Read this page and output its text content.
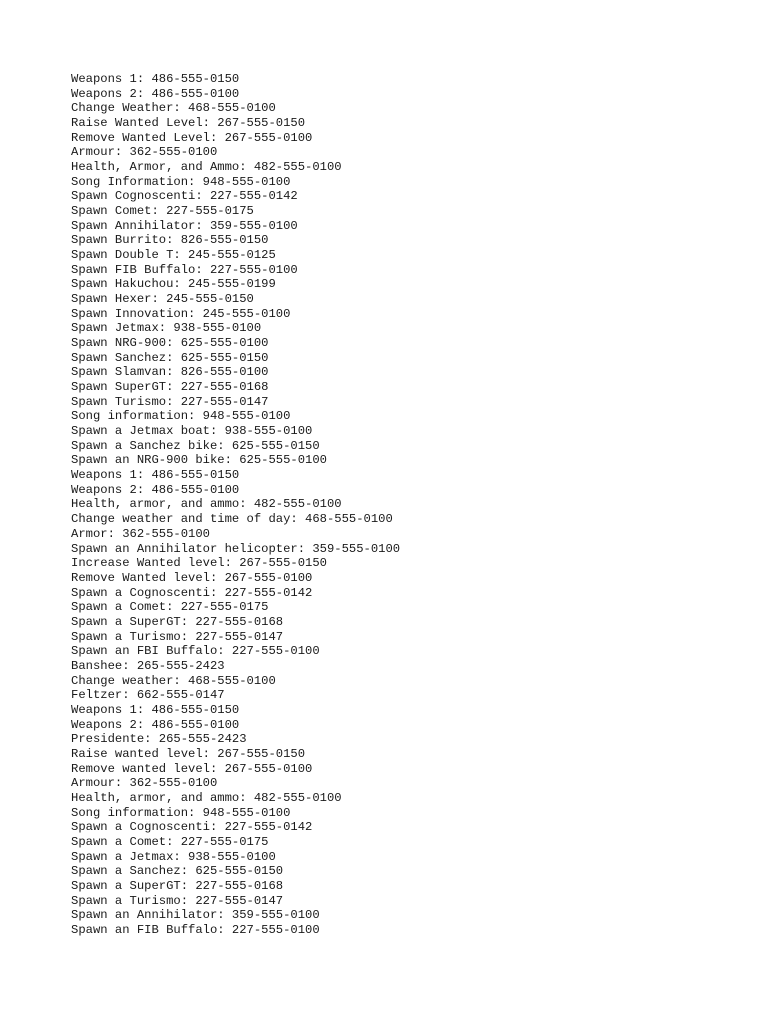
Weapons 1: 486-555-0150
Weapons 2: 486-555-0100
Change Weather: 468-555-0100
Raise Wanted Level: 267-555-0150
Remove Wanted Level: 267-555-0100
Armour: 362-555-0100
Health, Armor, and Ammo: 482-555-0100
Song Information: 948-555-0100
Spawn Cognoscenti: 227-555-0142
Spawn Comet: 227-555-0175
Spawn Annihilator: 359-555-0100
Spawn Burrito: 826-555-0150
Spawn Double T: 245-555-0125
Spawn FIB Buffalo: 227-555-0100
Spawn Hakuchou: 245-555-0199
Spawn Hexer: 245-555-0150
Spawn Innovation: 245-555-0100
Spawn Jetmax: 938-555-0100
Spawn NRG-900: 625-555-0100
Spawn Sanchez: 625-555-0150
Spawn Slamvan: 826-555-0100
Spawn SuperGT: 227-555-0168
Spawn Turismo: 227-555-0147
Song information: 948-555-0100
Spawn a Jetmax boat: 938-555-0100
Spawn a Sanchez bike: 625-555-0150
Spawn an NRG-900 bike: 625-555-0100
Weapons 1: 486-555-0150
Weapons 2: 486-555-0100
Health, armor, and ammo: 482-555-0100
Change weather and time of day: 468-555-0100
Armor: 362-555-0100
Spawn an Annihilator helicopter: 359-555-0100
Increase Wanted level: 267-555-0150
Remove Wanted level: 267-555-0100
Spawn a Cognoscenti: 227-555-0142
Spawn a Comet: 227-555-0175
Spawn a SuperGT: 227-555-0168
Spawn a Turismo: 227-555-0147
Spawn an FBI Buffalo: 227-555-0100
Banshee: 265-555-2423
Change weather: 468-555-0100
Feltzer: 662-555-0147
Weapons 1: 486-555-0150
Weapons 2: 486-555-0100
Presidente: 265-555-2423
Raise wanted level: 267-555-0150
Remove wanted level: 267-555-0100
Armour: 362-555-0100
Health, armor, and ammo: 482-555-0100
Song information: 948-555-0100
Spawn a Cognoscenti: 227-555-0142
Spawn a Comet: 227-555-0175
Spawn a Jetmax: 938-555-0100
Spawn a Sanchez: 625-555-0150
Spawn a SuperGT: 227-555-0168
Spawn a Turismo: 227-555-0147
Spawn an Annihilator: 359-555-0100
Spawn an FIB Buffalo: 227-555-0100
